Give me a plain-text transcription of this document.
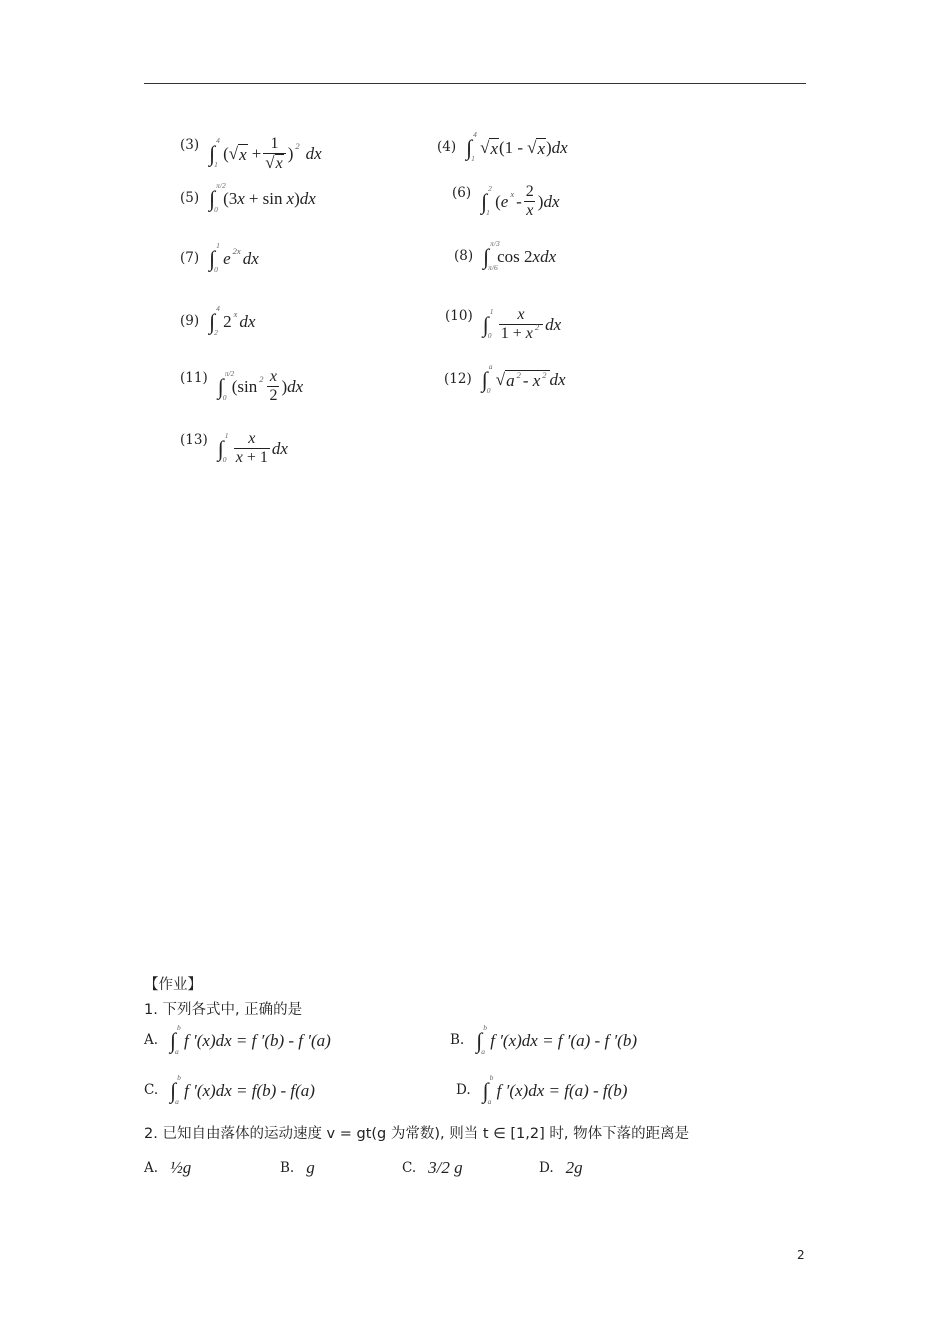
(3) ∫
4
1
( √ $x + \frac{1}{√ x}$ ) 2 dx	(4) ∫
4
1
√ x (1 - √ x ) dx
(5) ∫
π/2
0
(3 x + sin x ) dx	(6) ∫
2
1
( e x - $\frac{2}{x}$ ) dx
(7) ∫
1
0
e 2x dx	(8) ∫
π/3
π/6
cos 2 xdx
(9) ∫
4
2
2 x dx	(10) ∫
1
$0 \frac{x}{1 + x ^2}$ dx
(11) ∫
π/2
0
(sin $2 \frac{x}{2}$ ) dx	(12) ∫
a
0
√ a $^2$ - x $^2$ dx
(13) ∫
1
$0 \frac{x}{x + 1}$ dx
【作业】
1. 下列各式中, 正确的是
A. ∫
b
a
f ′(x)dx = f ′(b) - f ′(a)	B. ∫
b
a
f ′(x)dx = f ′(a) - f ′(b)
C. ∫
b
a
f ′(x)dx = f(b) - f(a)	D. ∫
b
a
f ′(x)dx = f(a) - f(b)
2. 已知自由落体的运动速度 v = gt(g 为常数), 则当 t ∈ [1,2] 时, 物体下落的距离是
A. ½g	B. g	C. 3/2 g	D. 2g
2
